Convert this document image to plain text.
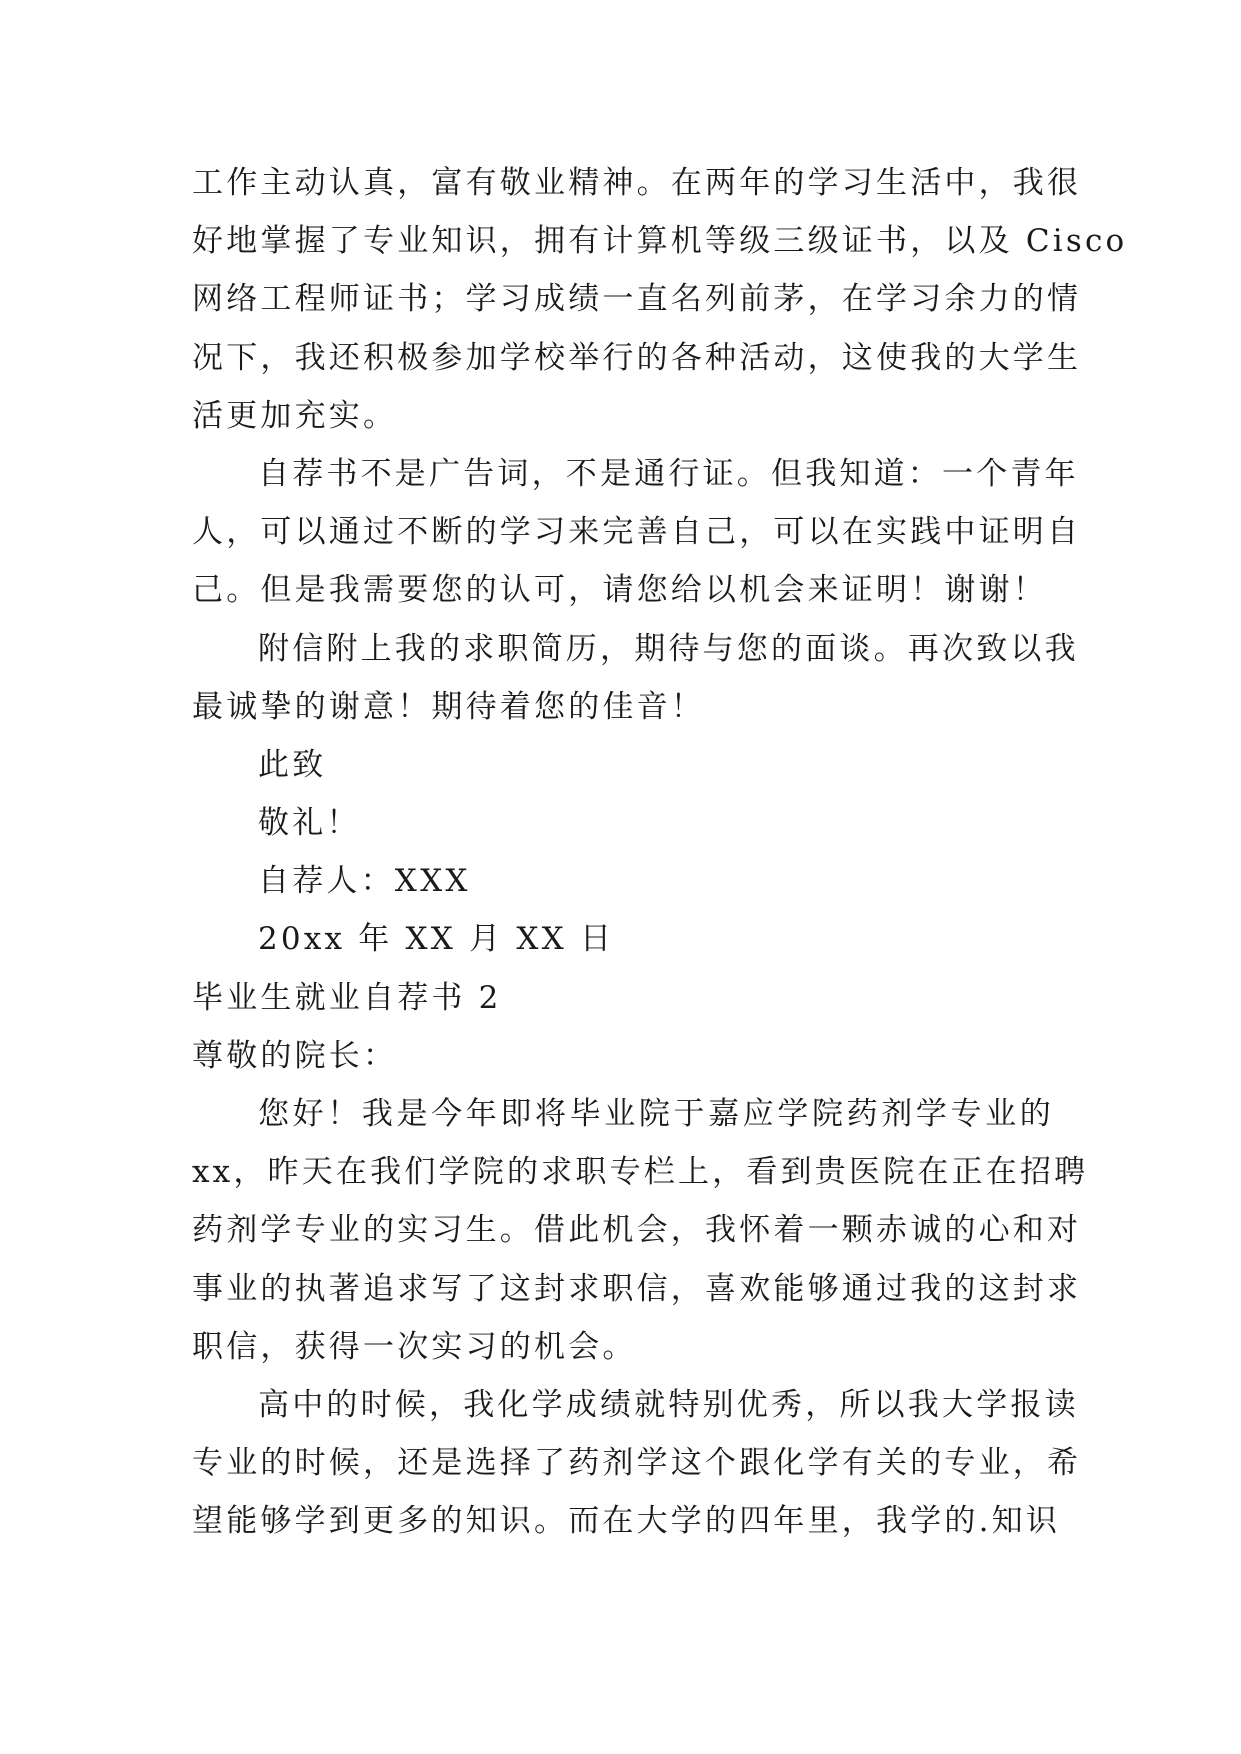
工作主动认真，富有敬业精神。在两年的学习生活中，我很
好地掌握了专业知识，拥有计算机等级三级证书，以及 Cisco
网络工程师证书；学习成绩一直名列前茅，在学习余力的情
况下，我还积极参加学校举行的各种活动，这使我的大学生
活更加充实。
自荐书不是广告词，不是通行证。但我知道：一个青年
人，可以通过不断的学习来完善自己，可以在实践中证明自
己。但是我需要您的认可，请您给以机会来证明！谢谢！
附信附上我的求职简历，期待与您的面谈。再次致以我
最诚挚的谢意！期待着您的佳音！
此致
敬礼！
自荐人：XXX
20xx 年 XX 月 XX 日
毕业生就业自荐书 2
尊敬的院长：
您好！我是今年即将毕业院于嘉应学院药剂学专业的
xx，昨天在我们学院的求职专栏上，看到贵医院在正在招聘
药剂学专业的实习生。借此机会，我怀着一颗赤诚的心和对
事业的执著追求写了这封求职信，喜欢能够通过我的这封求
职信，获得一次实习的机会。
高中的时候，我化学成绩就特别优秀，所以我大学报读
专业的时候，还是选择了药剂学这个跟化学有关的专业，希
望能够学到更多的知识。而在大学的四年里，我学的.知识
